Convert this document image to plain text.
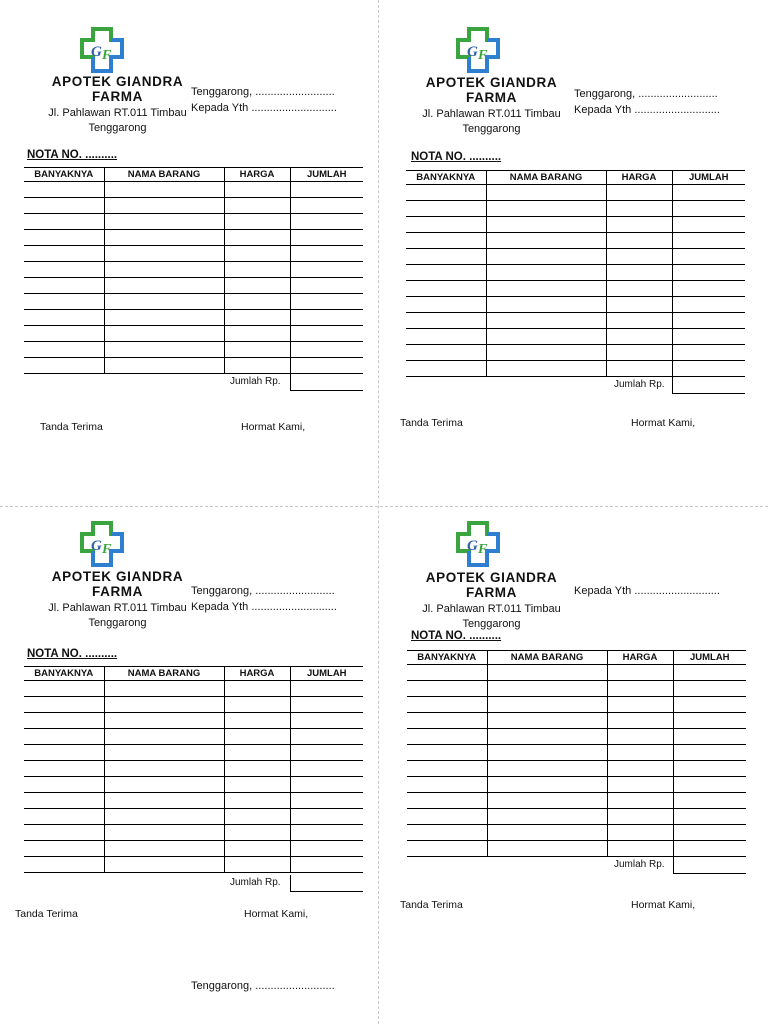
G F
APOTEK GIANDRA FARMA
Jl. Pahlawan RT.011 Timbau Tenggarong
Tenggarong, ..........................
Kepada Yth ............................
NOTA NO. ..........
BANYAKNYA	NAMA BARANG	HARGA	JUMLAH

Jumlah Rp.
Tanda Terima	Hormat Kami,
G F
APOTEK GIANDRA FARMA
Jl. Pahlawan RT.011 Timbau Tenggarong
Tenggarong, ..........................
Kepada Yth ............................
NOTA NO. ..........
BANYAKNYA	NAMA BARANG	HARGA	JUMLAH

Jumlah Rp.
Tanda Terima	Hormat Kami,
G F
APOTEK GIANDRA FARMA
Jl. Pahlawan RT.011 Timbau Tenggarong
Tenggarong, ..........................
Kepada Yth ............................
NOTA NO. ..........
BANYAKNYA	NAMA BARANG	HARGA	JUMLAH

Jumlah Rp.
Tanda Terima	Hormat Kami,
G F
APOTEK GIANDRA FARMA
Jl. Pahlawan RT.011 Timbau Tenggarong
Kepada Yth ............................
NOTA NO. ..........
BANYAKNYA	NAMA BARANG	HARGA	JUMLAH

Jumlah Rp.
Tanda Terima	Hormat Kami,
Tenggarong, ..........................
